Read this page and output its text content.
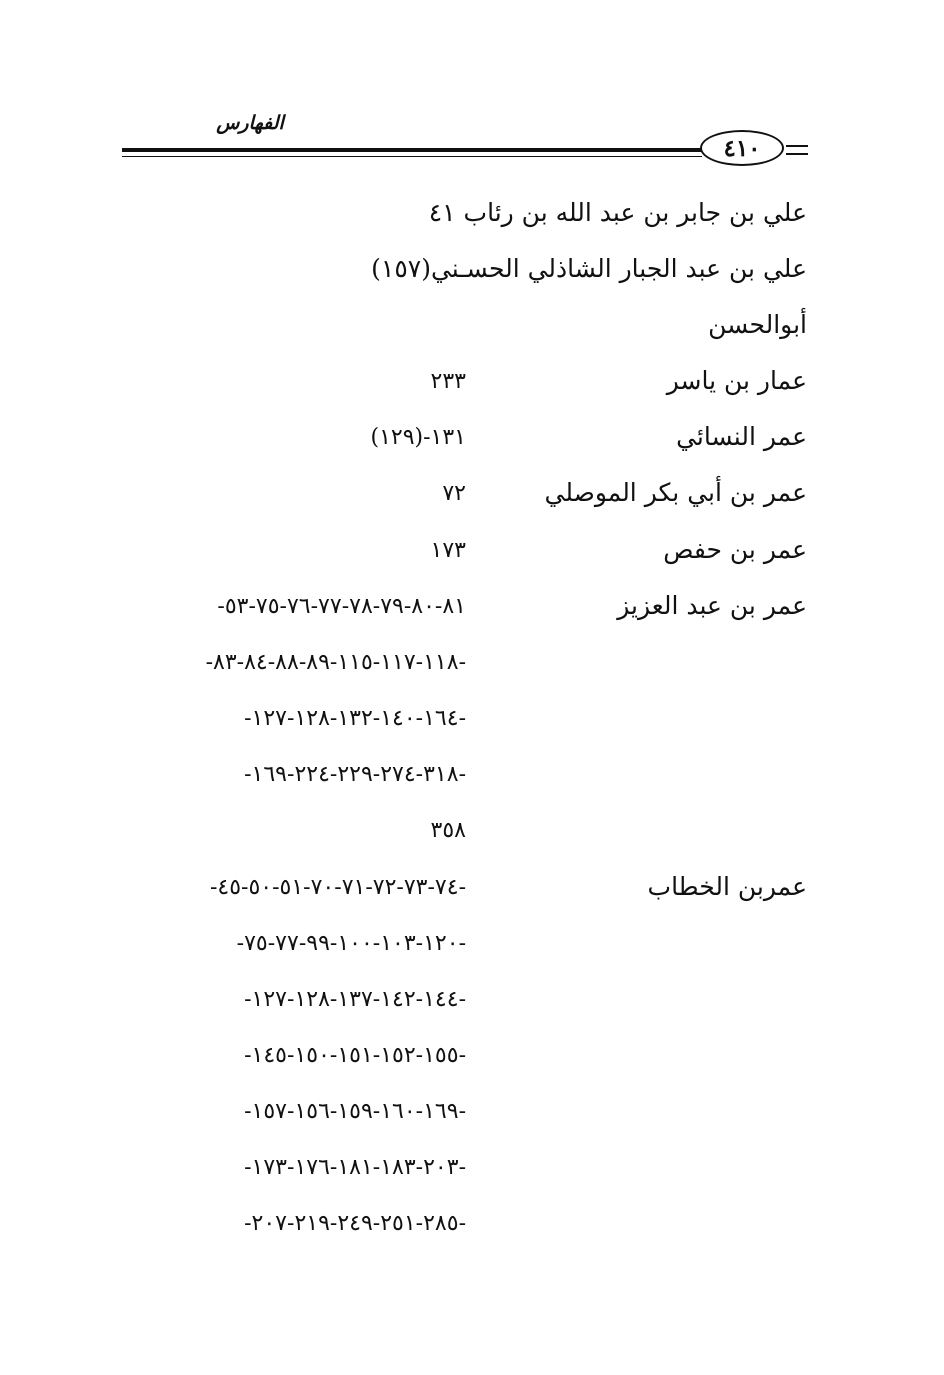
الفهارس
٤١٠
علي بن جابر بن عبد الله بن رئاب ٤١
علي بن عبد الجبار الشاذلي الحسـني(١٥٧)
أبوالحسن
عمار بن ياسر
٢٣٣
عمر النسائي
١٣١-(١٢٩)
عمر بن أبي بكر الموصلي
٧٢
عمر بن حفص
١٧٣
عمر بن عبد العزيز
٨١-٨٠-٧٩-٧٨-٧٧-٧٦-٧٥-٥٣-
-١١٨-١١٧-١١٥-٨٩-٨٨-٨٤-٨٣-
-١٦٤-١٤٠-١٣٢-١٢٨-١٢٧-
-٣١٨-٢٧٤-٢٢٩-٢٢٤-١٦٩-
٣٥٨
عمربن الخطاب
-٧٤-٧٣-٧٢-٧١-٧٠-٥١-٥٠-٤٥-
-١٢٠-١٠٣-١٠٠-٩٩-٧٧-٧٥-
-١٤٤-١٤٢-١٣٧-١٢٨-١٢٧-
-١٥٥-١٥٢-١٥١-١٥٠-١٤٥-
-١٦٩-١٦٠-١٥٩-١٥٦-١٥٧-
-٢٠٣-١٨٣-١٨١-١٧٦-١٧٣-
-٢٨٥-٢٥١-٢٤٩-٢١٩-٢٠٧-
